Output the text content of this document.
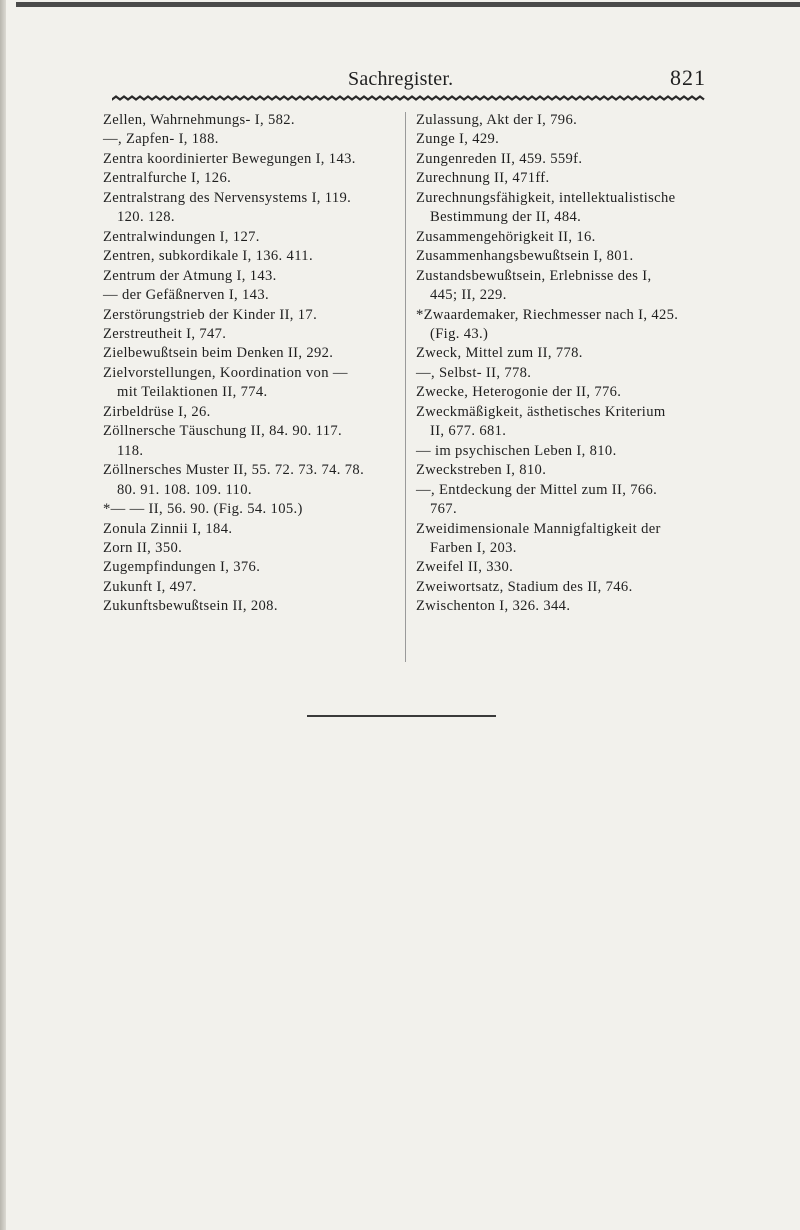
Sachregister.	821
Zellen, Wahrnehmungs- I, 582.
—, Zapfen- I, 188.
Zentra koordinierter Bewegungen I, 143.
Zentralfurche I, 126.
Zentralstrang des Nervensystems I, 119.
120. 128.
Zentralwindungen I, 127.
Zentren, subkordikale I, 136. 411.
Zentrum der Atmung I, 143.
— der Gefäßnerven I, 143.
Zerstörungstrieb der Kinder II, 17.
Zerstreutheit I, 747.
Zielbewußtsein beim Denken II, 292.
Zielvorstellungen, Koordination von —
mit Teilaktionen II, 774.
Zirbeldrüse I, 26.
Zöllnersche Täuschung II, 84. 90. 117.
118.
Zöllnersches Muster II, 55. 72. 73. 74. 78.
80. 91. 108. 109. 110.
*— — II, 56. 90. (Fig. 54. 105.)
Zonula Zinnii I, 184.
Zorn II, 350.
Zugempfindungen I, 376.
Zukunft I, 497.
Zukunftsbewußtsein II, 208.
Zulassung, Akt der I, 796.
Zunge I, 429.
Zungenreden II, 459. 559f.
Zurechnung II, 471ff.
Zurechnungsfähigkeit, intellektualistische
Bestimmung der II, 484.
Zusammengehörigkeit II, 16.
Zusammenhangsbewußtsein I, 801.
Zustandsbewußtsein, Erlebnisse des I,
445; II, 229.
*Zwaardemaker, Riechmesser nach I, 425.
(Fig. 43.)
Zweck, Mittel zum II, 778.
—, Selbst- II, 778.
Zwecke, Heterogonie der II, 776.
Zweckmäßigkeit, ästhetisches Kriterium
II, 677. 681.
— im psychischen Leben I, 810.
Zweckstreben I, 810.
—, Entdeckung der Mittel zum II, 766.
767.
Zweidimensionale Mannigfaltigkeit der
Farben I, 203.
Zweifel II, 330.
Zweiwortsatz, Stadium des II, 746.
Zwischenton I, 326. 344.
